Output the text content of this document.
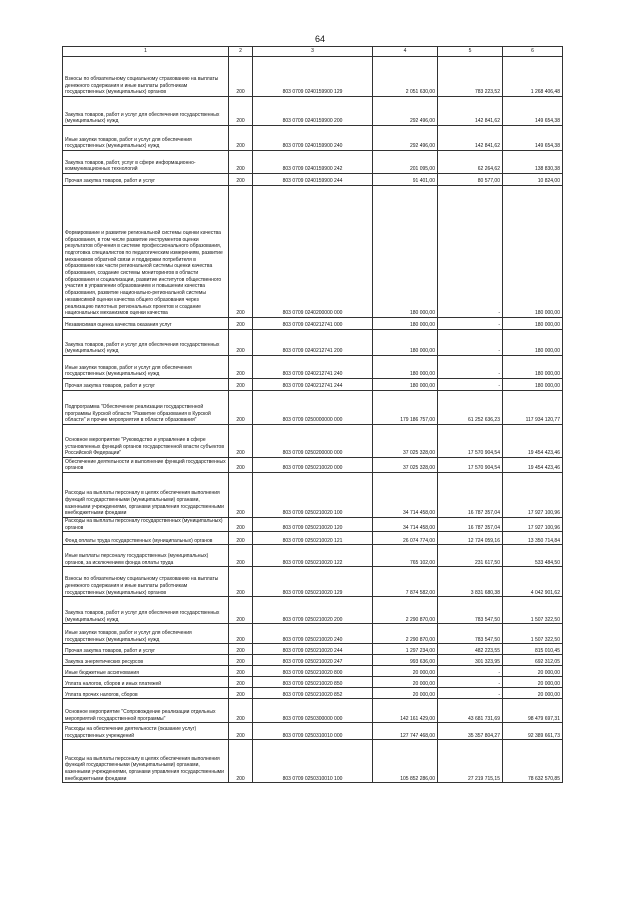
64
1	2	3	4	5	6

Взносы по обязательному социальному страхованию на выплаты денежного содержания и иные выплаты работникам государственных (муниципальных) органов	200	803 0709 0240159900 129	2 051 630,00	783 223,52	1 268 406,48

Закупка товаров, работ и услуг для обеспечения государственных (муниципальных) нужд	200	803 0709 0240159900 200	292 496,00	142 841,62	149 654,38

Иные закупки товаров, работ и услуг для обеспечения государственных (муниципальных) нужд	200	803 0709 0240159900 240	292 496,00	142 841,62	149 654,38

Закупка товаров, работ, услуг в сфере информационно-коммуникационных технологий	200	803 0709 0240159900 242	201 095,00	62 264,62	138 830,38

Прочая закупка товаров, работ и услуг	200	803 0709 0240159900 244	91 401,00	80 577,00	10 824,00

Формирование и развитие региональной системы оценки качества образования, в том числе развитие инструментов оценки результатов обучения в системе профессионального образования, подготовка специалистов по педагогическим измерениям, развитие механизмов обратной связи и поддержки потребителя в образовании как части региональной системы оценки качества образования, создание системы мониторингов в области образования и социализации, развитие институтов общественного участия в управлении образованием и повышении качества образования, развитие национально-региональной системы независимой оценки качества общего образования через реализацию пилотных региональных проектов и создание национальных механизмов оценки качества	200	803 0709 0240200000 000	180 000,00	-	180 000,00

Независимая оценка качества оказания услуг	200	803 0709 0240212741 000	180 000,00	-	180 000,00

Закупка товаров, работ и услуг для обеспечения государственных (муниципальных) нужд	200	803 0709 0240212741 200	180 000,00	-	180 000,00

Иные закупки товаров, работ и услуг для обеспечения государственных (муниципальных) нужд	200	803 0709 0240212741 240	180 000,00	-	180 000,00

Прочая закупка товаров, работ и услуг	200	803 0709 0240212741 244	180 000,00	-	180 000,00

Подпрограмма "Обеспечение реализации государственной программы Курской области "Развитие образования в Курской области" и прочие мероприятия в области образования"	200	803 0709 0250000000 000	179 186 757,00	61 252 636,23	117 934 120,77

Основное мероприятие "Руководство и управление в сфере установленных функций органов государственной власти субъектов Российской Федерации"	200	803 0709 0250200000 000	37 025 328,00	17 570 904,54	19 454 423,46

Обеспечение деятельности и выполнение функций государственных органов	200	803 0709 0250210020 000	37 025 328,00	17 570 904,54	19 454 423,46

Расходы на выплаты персоналу в целях обеспечения выполнения функций государственными (муниципальными) органами, казенными учреждениями, органами управления государственными внебюджетными фондами	200	803 0709 0250210020 100	34 714 458,00	16 787 357,04	17 927 100,96

Расходы на выплаты персоналу государственных (муниципальных) органов	200	803 0709 0250210020 120	34 714 458,00	16 787 357,04	17 927 100,96

Фонд оплаты труда государственных (муниципальных) органов	200	803 0709 0250210020 121	26 074 774,00	12 724 059,16	13 350 714,84

Иные выплаты персоналу государственных (муниципальных) органов, за исключением фонда оплаты труда	200	803 0709 0250210020 122	765 102,00	231 617,50	533 484,50

Взносы по обязательному социальному страхованию на выплаты денежного содержания и иные выплаты работникам государственных (муниципальных) органов	200	803 0709 0250210020 129	7 874 582,00	3 831 680,38	4 042 901,62

Закупка товаров, работ и услуг для обеспечения государственных (муниципальных) нужд	200	803 0709 0250210020 200	2 290 870,00	783 547,50	1 507 322,50

Иные закупки товаров, работ и услуг для обеспечения государственных (муниципальных) нужд	200	803 0709 0250210020 240	2 290 870,00	783 547,50	1 507 322,50

Прочая закупка товаров, работ и услуг	200	803 0709 0250210020 244	1 297 234,00	482 223,55	815 010,45

Закупка энергетических ресурсов	200	803 0709 0250210020 247	993 636,00	301 323,95	692 312,05

Иные бюджетные ассигнования	200	803 0709 0250210020 800	20 000,00	-	20 000,00

Уплата налогов, сборов и иных платежей	200	803 0709 0250210020 850	20 000,00	-	20 000,00

Уплата прочих налогов, сборов	200	803 0709 0250210020 852	20 000,00	-	20 000,00

Основное мероприятие "Сопровождение реализации отдельных мероприятий государственной программы"	200	803 0709 0250300000 000	142 161 429,00	43 681 731,69	98 479 697,31

Расходы на обеспечение деятельности (оказание услуг) государственных учреждений	200	803 0709 0250310010 000	127 747 468,00	35 357 804,27	92 389 661,73

Расходы на выплаты персоналу в целях обеспечения выполнения функций государственными (муниципальными) органами, казенными учреждениями, органами управления государственными внебюджетными фондами	200	803 0709 0250310010 100	105 852 286,00	27 219 715,15	78 632 570,85
